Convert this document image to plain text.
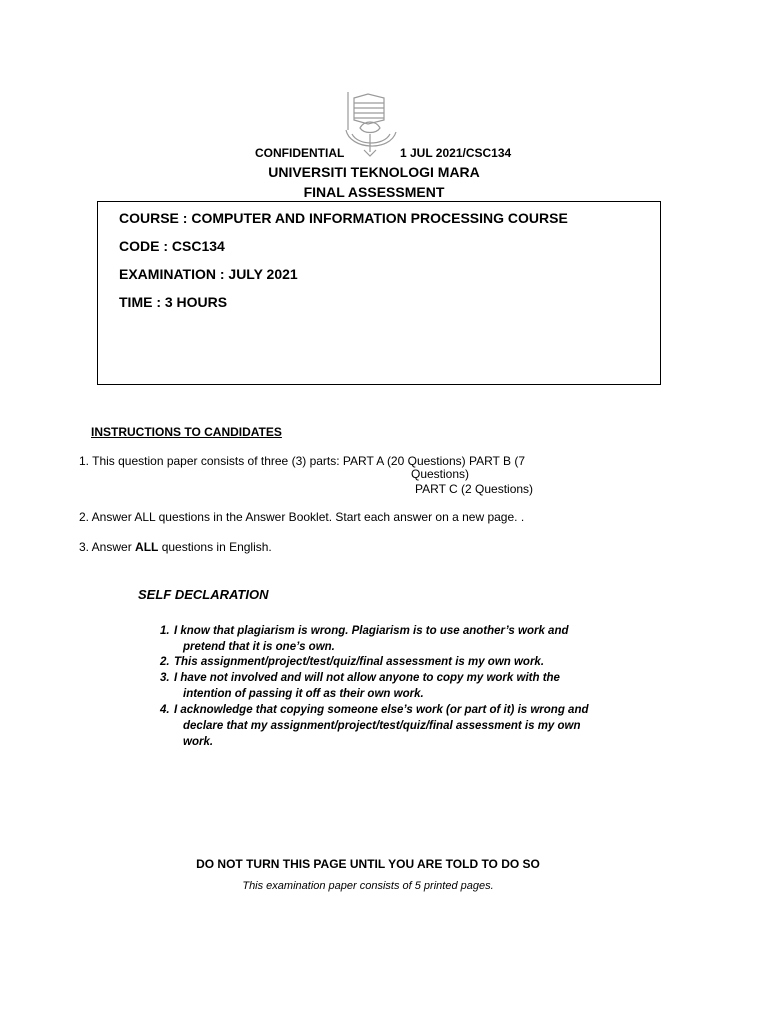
CONFIDENTIAL	1 JUL 2021/CSC134
UNIVERSITI TEKNOLOGI MARA
FINAL ASSESSMENT
COURSE : COMPUTER AND INFORMATION PROCESSING COURSE
CODE : CSC134
EXAMINATION : JULY 2021
TIME : 3 HOURS
INSTRUCTIONS TO CANDIDATES
1. This question paper consists of three (3) parts: PART A (20 Questions) PART B (7
Questions)
PART C (2 Questions)
2. Answer ALL questions in the Answer Booklet. Start each answer on a new page. .
3. Answer ALL questions in English.
SELF DECLARATION
1. I know that plagiarism is wrong. Plagiarism is to use another’s work and
pretend that it is one’s own.
2. This assignment/project/test/quiz/final assessment is my own work.
3. I have not involved and will not allow anyone to copy my work with the
intention of passing it off as their own work.
4. I acknowledge that copying someone else’s work (or part of it) is wrong and
declare that my assignment/project/test/quiz/final assessment is my own
work.
DO NOT TURN THIS PAGE UNTIL YOU ARE TOLD TO DO SO
This examination paper consists of 5 printed pages.
